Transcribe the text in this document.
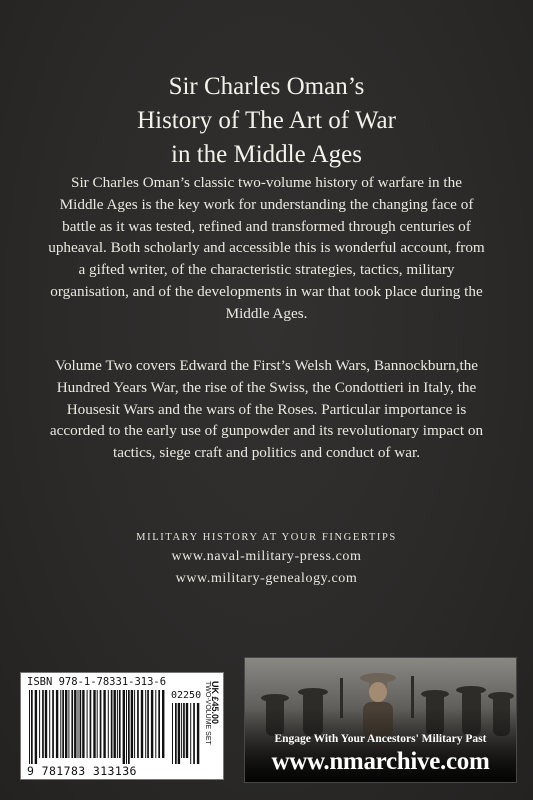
Sir Charles Oman’s
History of The Art of War
in the Middle Ages

Sir Charles Oman’s classic two-volume history of warfare in the Middle Ages is the key work for understanding the changing face of battle as it was tested, refined and transformed through centuries of upheaval. Both scholarly and accessible this is wonderful account, from a gifted writer, of the characteristic strategies, tactics, military organisation, and of the developments in war that took place during the Middle Ages.

Volume Two covers Edward the First’s Welsh Wars, Bannockburn,the Hundred Years War, the rise of the Swiss, the Condottieri in Italy, the Housesit Wars and the wars of the Roses. Particular importance is accorded to the early use of gunpowder and its revolutionary impact on tactics, siege craft and politics and conduct of war.

MILITARY HISTORY AT YOUR FINGERTIPS
www.naval-military-press.com
www.military-genealogy.com
ISBN 978-1-78331-313-6
02250
9 781783 313136
UK £45.00
TWO-VOLUME SET	Engage With Your Ancestors' Military Past
www.nmarchive.com
